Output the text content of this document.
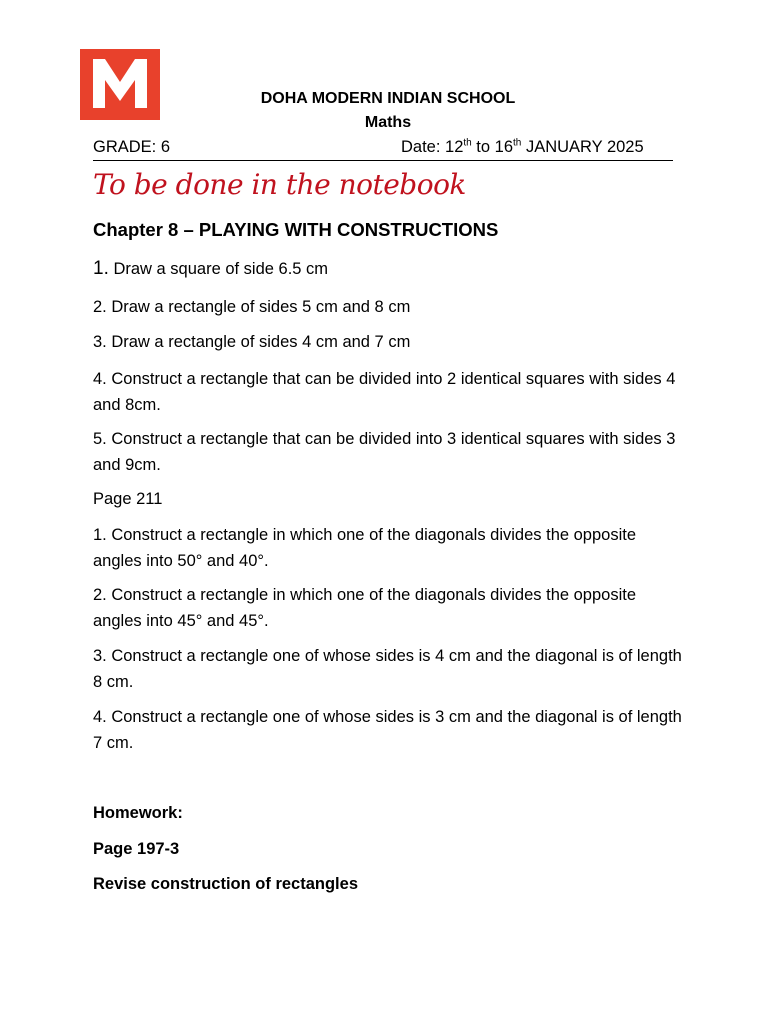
DOHA MODERN INDIAN SCHOOL
Maths
GRADE: 6	Date: 12th to 16th JANUARY 2025
To be done in the notebook
Chapter 8 – PLAYING WITH CONSTRUCTIONS
1. Draw a square of side 6.5 cm
2. Draw a rectangle of sides 5 cm and 8 cm
3. Draw a rectangle of sides 4 cm and 7 cm
4. Construct a rectangle that can be divided into 2 identical squares with sides 4 and 8cm.
5. Construct a rectangle that can be divided into 3 identical squares with sides 3 and 9cm.
Page 211
1. Construct a rectangle in which one of the diagonals divides the opposite angles into 50° and 40°.
2. Construct a rectangle in which one of the diagonals divides the opposite angles into 45° and 45°.
3. Construct a rectangle one of whose sides is 4 cm and the diagonal is of length 8 cm.
4. Construct a rectangle one of whose sides is 3 cm and the diagonal is of length 7 cm.
Homework:
Page 197-3
Revise construction of rectangles
